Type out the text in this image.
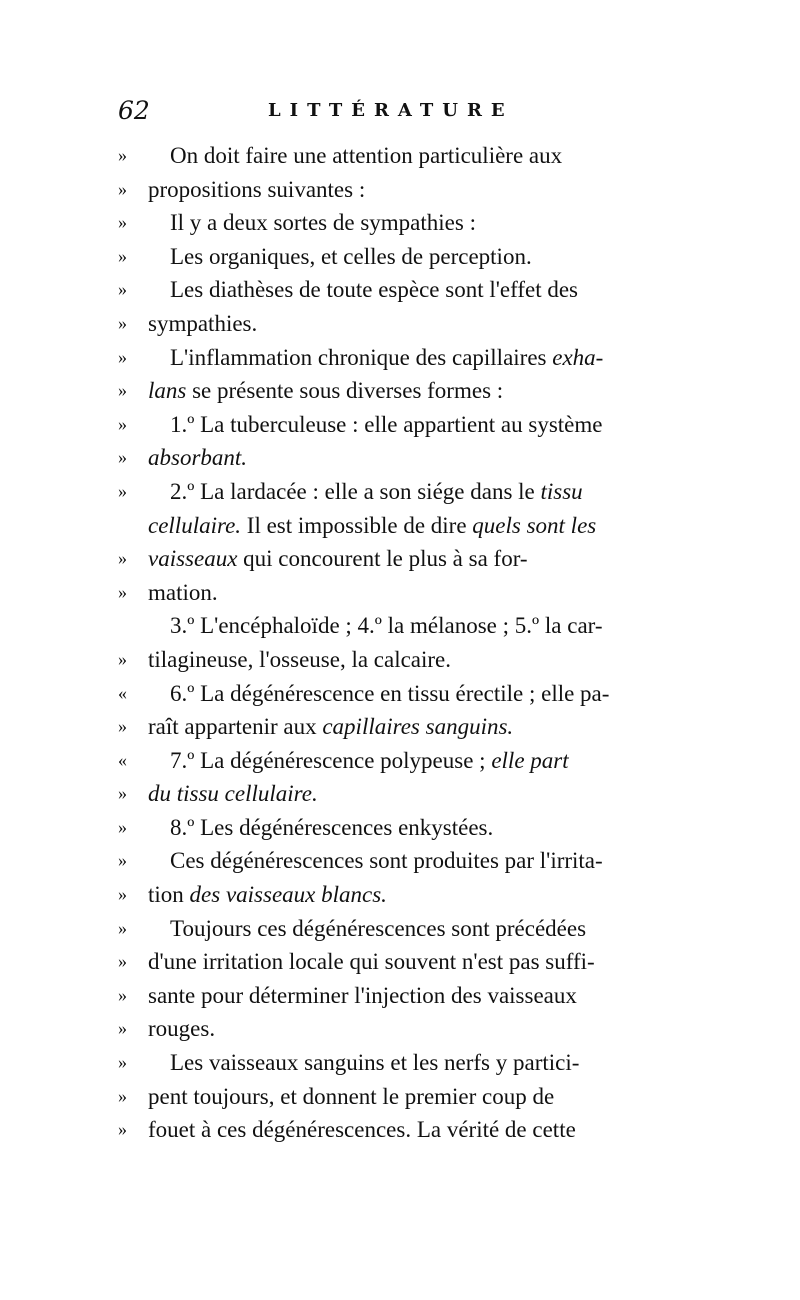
62	LITTÉRATURE
» On doit faire une attention particulière aux
» propositions suivantes :
» Il y a deux sortes de sympathies :
» Les organiques, et celles de perception.
» Les diathèses de toute espèce sont l'effet des
» sympathies.
» L'inflammation chronique des capillaires exha-
» lans se présente sous diverses formes :
» 1.º La tuberculeuse : elle appartient au système
» absorbant.
» 2.º La lardacée : elle a son siége dans le tissu
cellulaire. Il est impossible de dire quels sont les
» vaisseaux qui concourent le plus à sa for-
» mation.
3.º L'encéphaloïde ; 4.º la mélanose ; 5.º la car-
» tilagineuse, l'osseuse, la calcaire.
« 6.º La dégénérescence en tissu érectile ; elle pa-
» raît appartenir aux capillaires sanguins.
« 7.º La dégénérescence polypeuse ; elle part
» du tissu cellulaire.
» 8.º Les dégénérescences enkystées.
» Ces dégénérescences sont produites par l'irrita-
» tion des vaisseaux blancs.
» Toujours ces dégénérescences sont précédées
» d'une irritation locale qui souvent n'est pas suffi-
» sante pour déterminer l'injection des vaisseaux
» rouges.
» Les vaisseaux sanguins et les nerfs y partici-
» pent toujours, et donnent le premier coup de
» fouet à ces dégénérescences. La vérité de cette
